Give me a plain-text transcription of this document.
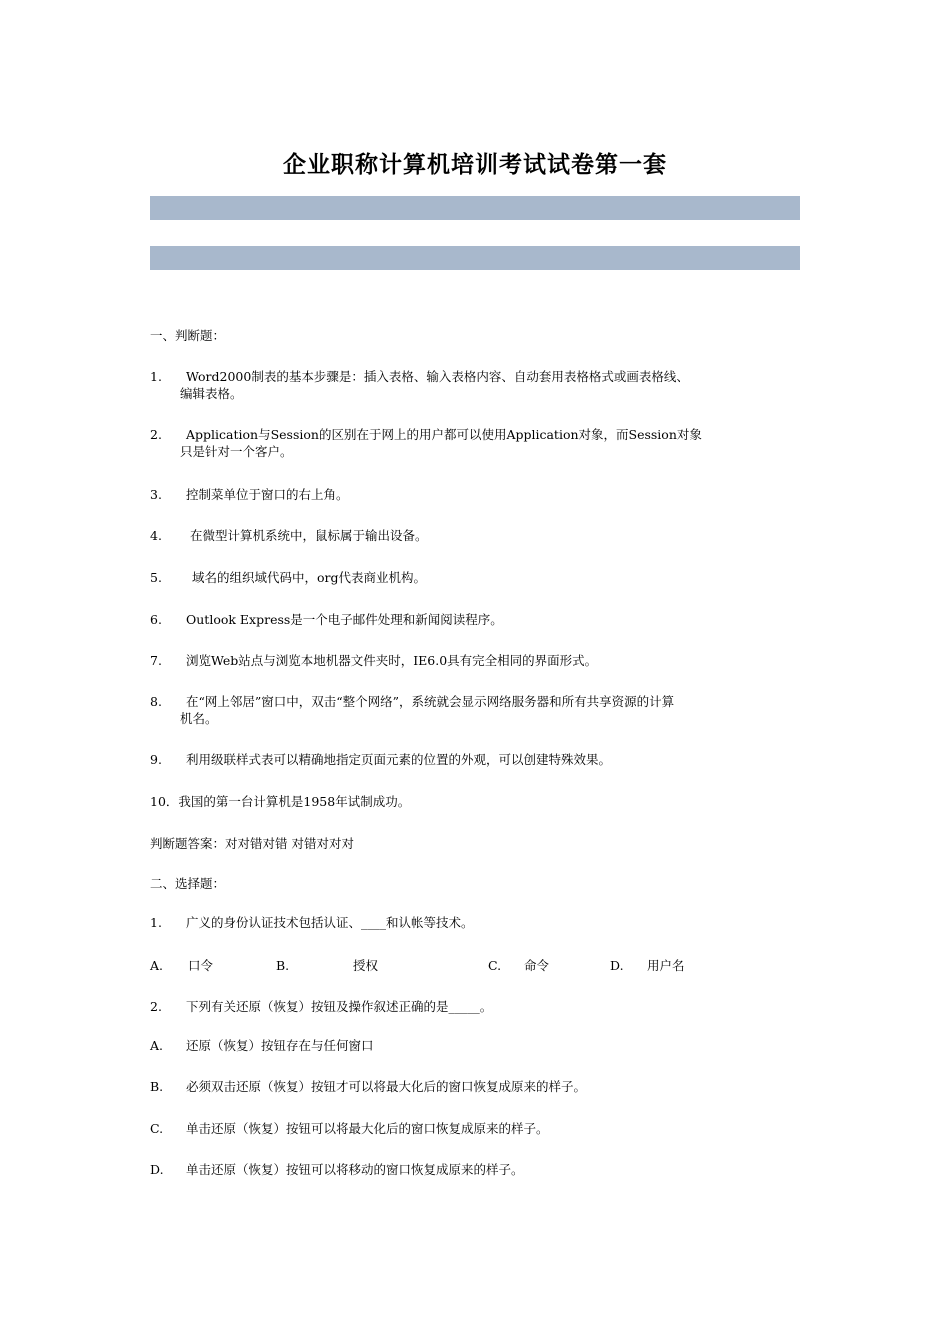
企业职称计算机培训考试试卷第一套
一、判断题：
1.	Word2000制表的基本步骤是：插入表格、输入表格内容、自动套用表格格式或画表格线、
编辑表格。
2.	Application与Session的区别在于网上的用户都可以使用Application对象，而Session对象
只是针对一个客户。
3.	控制菜单位于窗口的右上角。
4.	在微型计算机系统中，鼠标属于输出设备。
5.	域名的组织域代码中，org代表商业机构。
6.	Outlook Express是一个电子邮件处理和新闻阅读程序。
7.	浏览Web站点与浏览本地机器文件夹时，IE6.0具有完全相同的界面形式。
8.	在“网上邻居”窗口中，双击“整个网络”，系统就会显示网络服务器和所有共享资源的计算
机名。
9.	利用级联样式表可以精确地指定页面元素的位置的外观，可以创建特殊效果。
10．我国的第一台计算机是1958年试制成功。
判断题答案：对对错对错 对错对对对
二、选择题：
1.	广义的身份认证技术包括认证、____和认帐等技术。
A. 口令	B.	授权	C. 命令	D. 用户名
2.	下列有关还原（恢复）按钮及操作叙述正确的是_____。
A.	还原（恢复）按钮存在与任何窗口
B.	必须双击还原（恢复）按钮才可以将最大化后的窗口恢复成原来的样子。
C.	单击还原（恢复）按钮可以将最大化后的窗口恢复成原来的样子。
D.	单击还原（恢复）按钮可以将移动的窗口恢复成原来的样子。
